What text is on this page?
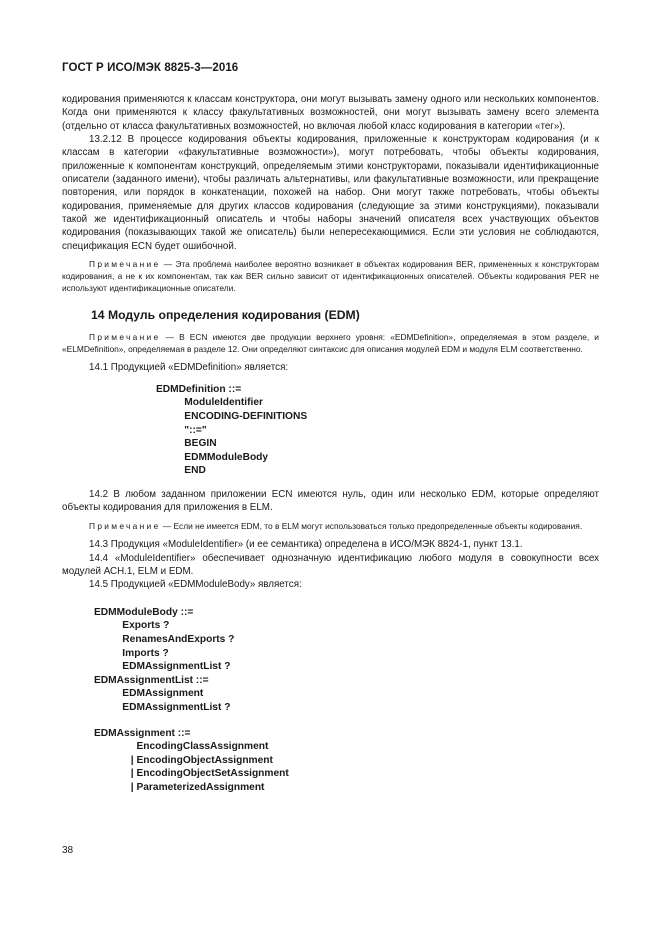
ГОСТ Р ИСО/МЭК 8825-3—2016

кодирования применяются к классам конструктора, они могут вызывать замену одного или нескольких компонентов. Когда они применяются к классу факультативных возможностей, они могут вызывать замену всего элемента (отдельно от класса факультативных возможностей, но включая любой класс кодирования в категории «тег»).

13.2.12 В процессе кодирования объекты кодирования, приложенные к конструкторам кодирования (и к классам в категории «факультативные возможности»), могут потребовать, чтобы объекты кодирования, приложенные к компонентам конструкций, определяемым этими конструкторами, показывали идентификационные описатели (заданного имени), чтобы различать альтернативы, или факультативные возможности, или прекращение повторения, или порядок в конкатенации, похожей на набор. Они могут также потребовать, чтобы объекты кодирования, применяемые для других классов кодирования (следующие за этими конструкциями), показывали такой же идентификационный описатель и чтобы наборы значений описателя всех участвующих объектов кодирования (показывающих такой же описатель) были непересекающимися. Если эти условия не соблюдаются, спецификация ECN будет ошибочной.

Примечание — Эта проблема наиболее вероятно возникает в объектах кодирования BER, примененных к конструкторам кодирования, а не к их компонентам, так как BER сильно зависит от идентификационных описателей. Объекты кодирования PER не используют идентификационные описатели.

14 Модуль определения кодирования (EDM)

Примечание — В ECN имеются две продукции верхнего уровня: «EDMDefinition», определяемая в этом разделе, и «ELMDefinition», определяемая в разделе 12. Они определяют синтаксис для описания модулей EDM и модуля ELM соответственно.

14.1 Продукцией «EDMDefinition» является:

EDMDefinition ::=
ModuleIdentifier
ENCODING-DEFINITIONS
"::="
BEGIN
EDMModuleBody
END

14.2 В любом заданном приложении ECN имеются нуль, один или несколько EDM, которые определяют объекты кодирования для приложения в ELM.

Примечание — Если не имеется EDM, то в ELM могут использоваться только предопределенные объекты кодирования.

14.3 Продукция «ModuleIdentifier» (и ее семантика) определена в ИСО/МЭК 8824-1, пункт 13.1.

14.4 «ModuleIdentifier» обеспечивает однозначную идентификацию любого модуля в совокупности всех модулей АСН.1, ELM и EDM.

14.5 Продукцией «EDMModuleBody» является:

EDMModuleBody ::=
Exports ?
RenamesAndExports ?
Imports ?
EDMAssignmentList ?
EDMAssignmentList ::=
EDMAssignment
EDMAssignmentList ?
EDMAssignment ::=
EncodingClassAssignment
| EncodingObjectAssignment
| EncodingObjectSetAssignment
| ParameterizedAssignment
38
